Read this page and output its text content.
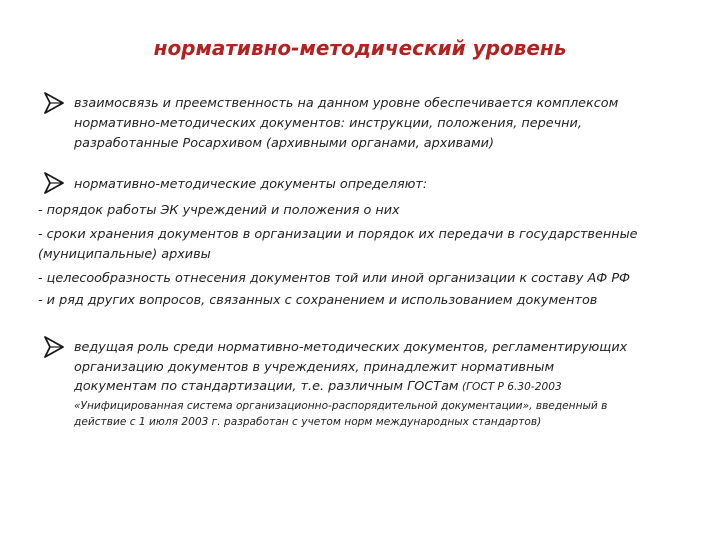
нормативно-методический уровень
взаимосвязь и преемственность на данном уровне обеспечивается комплексом
нормативно-методических документов: инструкции, положения, перечни,
разработанные Росархивом (архивными органами, архивами)
нормативно-методические документы определяют:
- порядок работы ЭК учреждений и положения о них
- сроки хранения документов в организации и порядок их передачи в государственные
(муниципальные) архивы
- целесообразность отнесения документов той или иной организации к составу АФ РФ
- и ряд других вопросов, связанных с сохранением и использованием документов
ведущая роль среди нормативно-методических документов, регламентирующих
организацию документов в учреждениях, принадлежит нормативным
документам по стандартизации, т.е. различным ГОСТам (ГОСТ Р 6.30-2003
«Унифицированная система организационно-распорядительной документации», введенный в
действие с 1 июля 2003 г. разработан с учетом норм международных стандартов)
